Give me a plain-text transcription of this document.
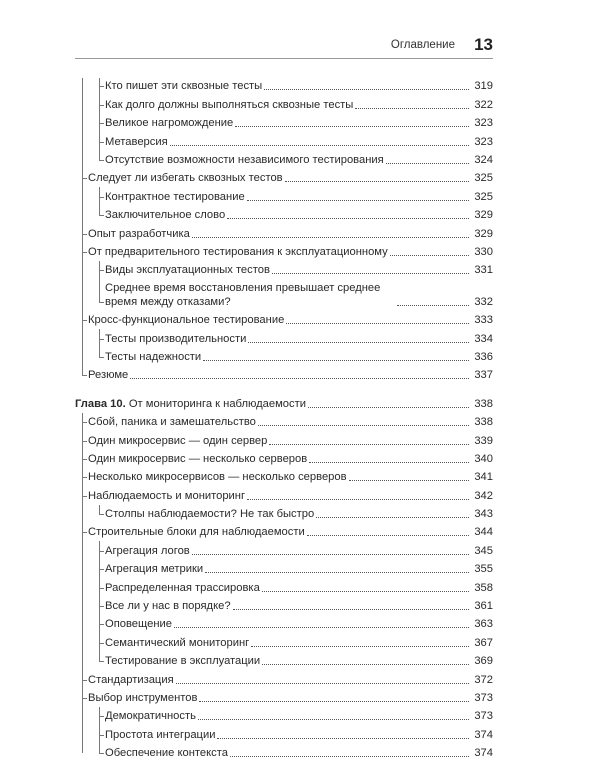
Оглавление 13
Кто пишет эти сквозные тесты	319
Как долго должны выполняться сквозные тесты	322
Великое нагромождение	323
Метаверсия	323
Отсутствие возможности независимого тестирования	324
Следует ли избегать сквозных тестов	325
Контрактное тестирование	325
Заключительное слово	329
Опыт разработчика	329
От предварительного тестирования к эксплуатационному	330
Виды эксплуатационных тестов	331
Среднее время восстановления превышает среднее время между отказами?	332
Кросс-функциональное тестирование	333
Тесты производительности	334
Тесты надежности	336
Резюме	337
Глава 10. От мониторинга к наблюдаемости	338
Сбой, паника и замешательство	338
Один микросервис — один сервер	339
Один микросервис — несколько серверов	340
Несколько микросервисов — несколько серверов	341
Наблюдаемость и мониторинг	342
Столпы наблюдаемости? Не так быстро	343
Строительные блоки для наблюдаемости	344
Агрегация логов	345
Агрегация метрики	355
Распределенная трассировка	358
Все ли у нас в порядке?	361
Оповещение	363
Семантический мониторинг	367
Тестирование в эксплуатации	369
Стандартизация	372
Выбор инструментов	373
Демократичность	373
Простота интеграции	374
Обеспечение контекста	374
